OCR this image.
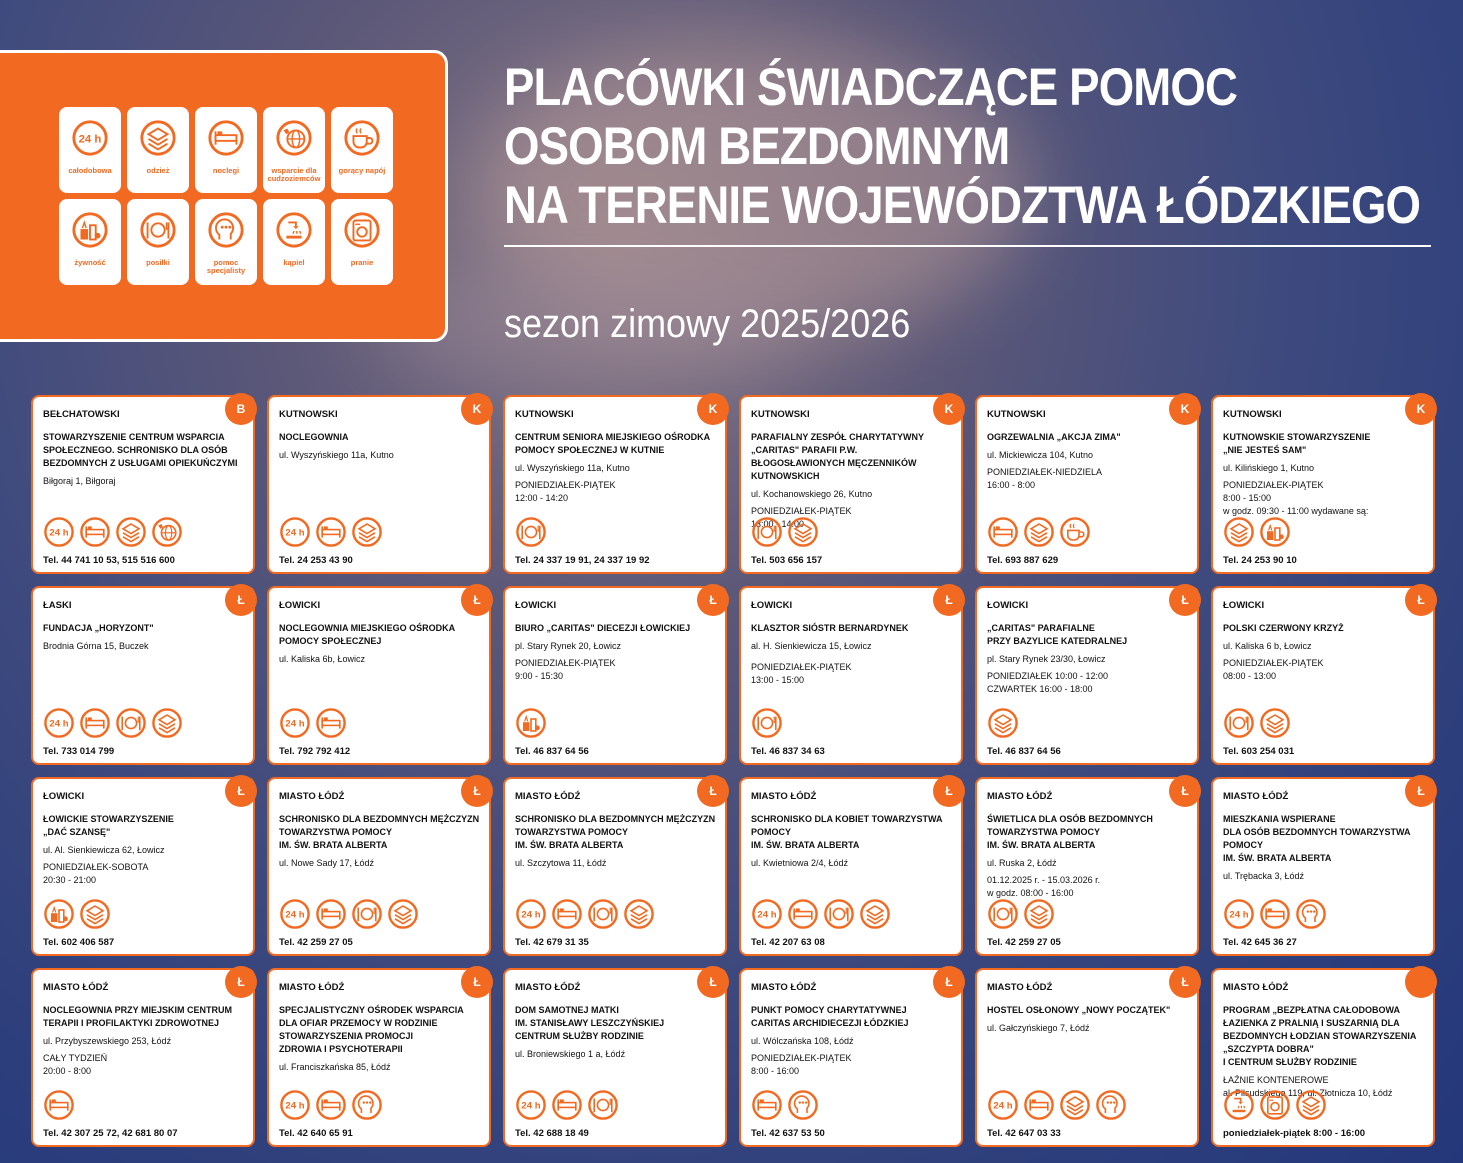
24 h
całodobowa	odzież	noclegi	wsparcie dla cudzoziemców
gorący napój
żywność	posiłki	pomoc specjalisty
kąpiel	pranie
PLACÓWKI ŚWIADCZĄCE POMOC
OSOBOM BEZDOMNYM
NA TERENIE WOJEWÓDZTWA ŁÓDZKIEGO
sezon zimowy 2025/2026
B
BEŁCHATOWSKI
STOWARZYSZENIE CENTRUM WSPARCIA SPOŁECZNEGO. SCHRONISKO DLA OSÓB BEZDOMNYCH Z USŁUGAMI OPIEKUŃCZYMI
Biłgoraj 1, Biłgoraj
24 h
Tel. 44 741 10 53, 515 516 600
K
KUTNOWSKI
NOCLEGOWNIA
ul. Wyszyńskiego 11a, Kutno
24 h
Tel. 24 253 43 90
K
KUTNOWSKI
CENTRUM SENIORA MIEJSKIEGO OŚRODKA POMOCY SPOŁECZNEJ W KUTNIE
ul. Wyszyńskiego 11a, Kutno
PONIEDZIAŁEK-PIĄTEK
12:00 - 14:20
Tel. 24 337 19 91, 24 337 19 92
K
KUTNOWSKI
PARAFIALNY ZESPÓŁ CHARYTATYWNY „CARITAS" PARAFII P.W. BŁOGOSŁAWIONYCH MĘCZENNIKÓW KUTNOWSKICH
ul. Kochanowskiego 26, Kutno
PONIEDZIAŁEK-PIĄTEK
13:00 - 14:00
Tel. 503 656 157
K
KUTNOWSKI
OGRZEWALNIA „AKCJA ZIMA"
ul. Mickiewicza 104, Kutno
PONIEDZIAŁEK-NIEDZIELA
16:00 - 8:00
Tel. 693 887 629
K
KUTNOWSKI
KUTNOWSKIE STOWARZYSZENIE
„NIE JESTEŚ SAM"
ul. Kilińskiego 1, Kutno
PONIEDZIAŁEK-PIĄTEK
8:00 - 15:00
w godz. 09:30 - 11:00 wydawane są:
Tel. 24 253 90 10
Ł
ŁASKI
FUNDACJA „HORYZONT"
Brodnia Górna 15, Buczek
24 h
Tel. 733 014 799
Ł
ŁOWICKI
NOCLEGOWNIA MIEJSKIEGO OŚRODKA POMOCY SPOŁECZNEJ
ul. Kaliska 6b, Łowicz
24 h
Tel. 792 792 412
Ł
ŁOWICKI
BIURO „CARITAS" DIECEZJI ŁOWICKIEJ
pl. Stary Rynek 20, Łowicz
PONIEDZIAŁEK-PIĄTEK
9:00 - 15:30
Tel. 46 837 64 56
Ł
ŁOWICKI
KLASZTOR SIÓSTR BERNARDYNEK
al. H. Sienkiewicza 15, Łowicz
PONIEDZIAŁEK-PIĄTEK
13:00 - 15:00
Tel. 46 837 34 63
Ł
ŁOWICKI
„CARITAS" PARAFIALNE
PRZY BAZYLICE KATEDRALNEJ
pl. Stary Rynek 23/30, Łowicz
PONIEDZIAŁEK 10:00 - 12:00
CZWARTEK 16:00 - 18:00
Tel. 46 837 64 56
Ł
ŁOWICKI
POLSKI CZERWONY KRZYŻ
ul. Kaliska 6 b, Łowicz
PONIEDZIAŁEK-PIĄTEK
08:00 - 13:00
Tel. 603 254 031
Ł
ŁOWICKI
ŁOWICKIE STOWARZYSZENIE
„DAĆ SZANSĘ"
ul. Al. Sienkiewicza 62, Łowicz
PONIEDZIAŁEK-SOBOTA
20:30 - 21:00
Tel. 602 406 587
Ł
MIASTO ŁÓDŹ
SCHRONISKO DLA BEZDOMNYCH MĘŻCZYZN TOWARZYSTWA POMOCY
IM. ŚW. BRATA ALBERTA
ul. Nowe Sady 17, Łódź
24 h
Tel. 42 259 27 05
Ł
MIASTO ŁÓDŹ
SCHRONISKO DLA BEZDOMNYCH MĘŻCZYZN TOWARZYSTWA POMOCY
IM. ŚW. BRATA ALBERTA
ul. Szczytowa 11, Łódź
24 h
Tel. 42 679 31 35
Ł
MIASTO ŁÓDŹ
SCHRONISKO DLA KOBIET TOWARZYSTWA POMOCY
IM. ŚW. BRATA ALBERTA
ul. Kwietniowa 2/4, Łódź
24 h
Tel. 42 207 63 08
Ł
MIASTO ŁÓDŹ
ŚWIETLICA DLA OSÓB BEZDOMNYCH TOWARZYSTWA POMOCY
IM. ŚW. BRATA ALBERTA
ul. Ruska 2, Łódź
01.12.2025 r. - 15.03.2026 r.
w godz. 08:00 - 16:00
Tel. 42 259 27 05
Ł
MIASTO ŁÓDŹ
MIESZKANIA WSPIERANE
DLA OSÓB BEZDOMNYCH TOWARZYSTWA POMOCY
IM. ŚW. BRATA ALBERTA
ul. Trębacka 3, Łódź
24 h
Tel. 42 645 36 27
Ł
MIASTO ŁÓDŹ
NOCLEGOWNIA PRZY MIEJSKIM CENTRUM TERAPII I PROFILAKTYKI ZDROWOTNEJ
ul. Przybyszewskiego 253, Łódź
CAŁY TYDZIEŃ
20:00 - 8:00
Tel. 42 307 25 72, 42 681 80 07
Ł
MIASTO ŁÓDŹ
SPECJALISTYCZNY OŚRODEK WSPARCIA DLA OFIAR PRZEMOCY W RODZINIE STOWARZYSZENIA PROMOCJI
ZDROWIA I PSYCHOTERAPII
ul. Franciszkańska 85, Łódź
24 h
Tel. 42 640 65 91
Ł
MIASTO ŁÓDŹ
DOM SAMOTNEJ MATKI
IM. STANISŁAWY LESZCZYŃSKIEJ
CENTRUM SŁUŻBY RODZINIE
ul. Broniewskiego 1 a, Łódź
24 h
Tel. 42 688 18 49
Ł
MIASTO ŁÓDŹ
PUNKT POMOCY CHARYTATYWNEJ
CARITAS ARCHIDIECEZJI ŁÓDZKIEJ
ul. Wólczańska 108, Łódź
PONIEDZIAŁEK-PIĄTEK
8:00 - 16:00
Tel. 42 637 53 50
Ł
MIASTO ŁÓDŹ
HOSTEL OSŁONOWY „NOWY POCZĄTEK"
ul. Gałczyńskiego 7, Łódź
24 h
Tel. 42 647 03 33
MIASTO ŁÓDŹ
PROGRAM „BEZPŁATNA CAŁODOBOWA ŁAZIENKA Z PRALNIĄ I SUSZARNIĄ DLA BEZDOMNYCH ŁODZIAN STOWARZYSZENIA „SZCZYPTA DOBRA"
I CENTRUM SŁUŻBY RODZINIE
ŁAŹNIE KONTENEROWE
al. Piłsudskiego 119, ul. Złotnicza 10, Łódź
poniedziałek-piątek 8:00 - 16:00
